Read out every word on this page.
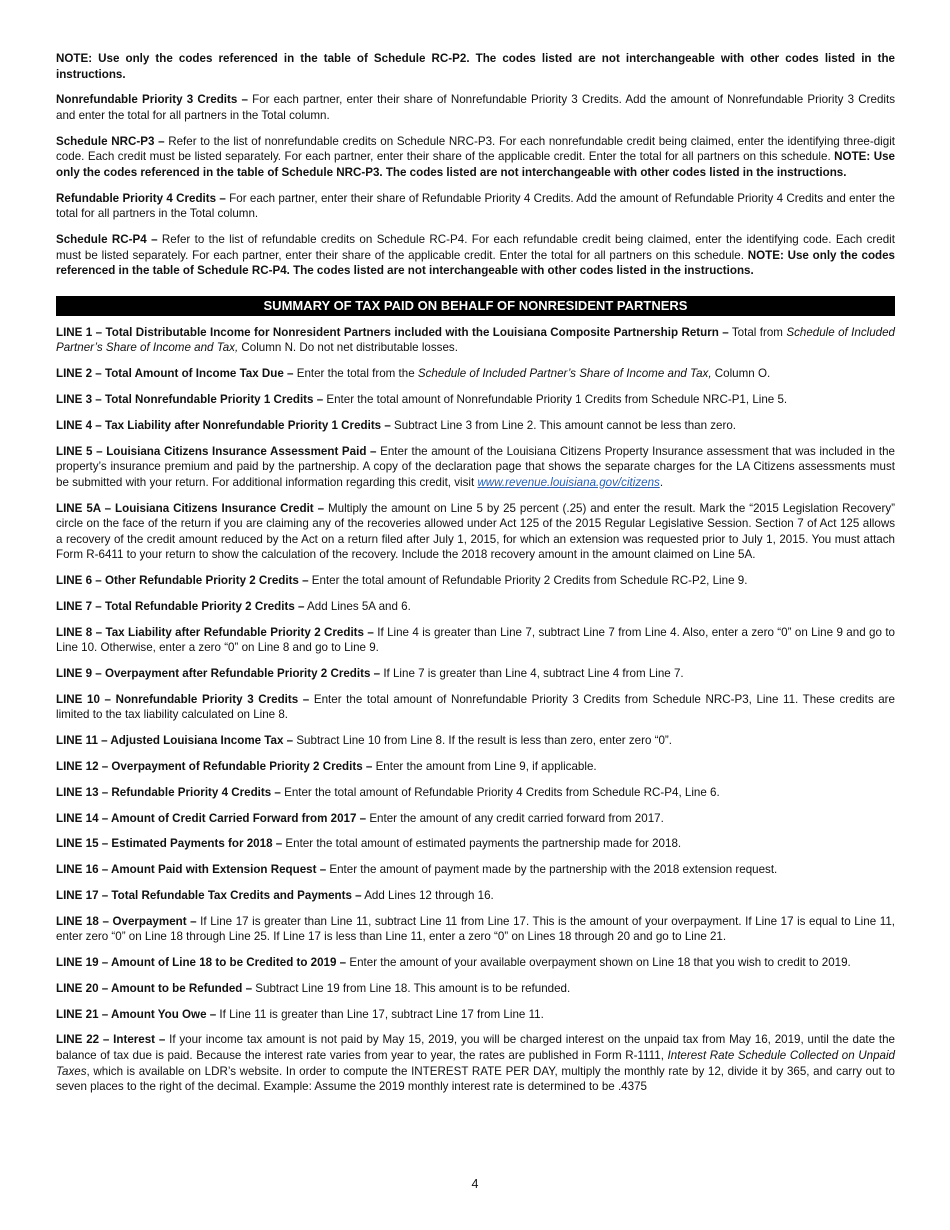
NOTE: Use only the codes referenced in the table of Schedule RC-P2. The codes listed are not interchangeable with other codes listed in the instructions.

Nonrefundable Priority 3 Credits – For each partner, enter their share of Nonrefundable Priority 3 Credits. Add the amount of Nonrefundable Priority 3 Credits and enter the total for all partners in the Total column.

Schedule NRC-P3 – Refer to the list of nonrefundable credits on Schedule NRC-P3. For each nonrefundable credit being claimed, enter the identifying three-digit code. Each credit must be listed separately. For each partner, enter their share of the applicable credit. Enter the total for all partners on this schedule. NOTE: Use only the codes referenced in the table of Schedule NRC-P3. The codes listed are not interchangeable with other codes listed in the instructions.

Refundable Priority 4 Credits – For each partner, enter their share of Refundable Priority 4 Credits. Add the amount of Refundable Priority 4 Credits and enter the total for all partners in the Total column.

Schedule RC-P4 – Refer to the list of refundable credits on Schedule RC-P4. For each refundable credit being claimed, enter the identifying code. Each credit must be listed separately. For each partner, enter their share of the applicable credit. Enter the total for all partners on this schedule. NOTE: Use only the codes referenced in the table of Schedule RC-P4. The codes listed are not interchangeable with other codes listed in the instructions.

SUMMARY OF TAX PAID ON BEHALF OF NONRESIDENT PARTNERS

LINE 1 – Total Distributable Income for Nonresident Partners included with the Louisiana Composite Partnership Return – Total from Schedule of Included Partner’s Share of Income and Tax, Column N. Do not net distributable losses.

LINE 2 – Total Amount of Income Tax Due – Enter the total from the Schedule of Included Partner’s Share of Income and Tax, Column O.

LINE 3 – Total Nonrefundable Priority 1 Credits – Enter the total amount of Nonrefundable Priority 1 Credits from Schedule NRC-P1, Line 5.

LINE 4 – Tax Liability after Nonrefundable Priority 1 Credits – Subtract Line 3 from Line 2. This amount cannot be less than zero.

LINE 5 – Louisiana Citizens Insurance Assessment Paid – Enter the amount of the Louisiana Citizens Property Insurance assessment that was included in the property’s insurance premium and paid by the partnership. A copy of the declaration page that shows the separate charges for the LA Citizens assessments must be submitted with your return. For additional information regarding this credit, visit www.revenue.louisiana.gov/citizens.

LINE 5A – Louisiana Citizens Insurance Credit – Multiply the amount on Line 5 by 25 percent (.25) and enter the result. Mark the “2015 Legislation Recovery” circle on the face of the return if you are claiming any of the recoveries allowed under Act 125 of the 2015 Regular Legislative Session. Section 7 of Act 125 allows a recovery of the credit amount reduced by the Act on a return filed after July 1, 2015, for which an extension was requested prior to July 1, 2015. You must attach Form R-6411 to your return to show the calculation of the recovery. Include the 2018 recovery amount in the amount claimed on Line 5A.

LINE 6 – Other Refundable Priority 2 Credits – Enter the total amount of Refundable Priority 2 Credits from Schedule RC-P2, Line 9.

LINE 7 – Total Refundable Priority 2 Credits – Add Lines 5A and 6.

LINE 8 – Tax Liability after Refundable Priority 2 Credits – If Line 4 is greater than Line 7, subtract Line 7 from Line 4. Also, enter a zero “0” on Line 9 and go to Line 10. Otherwise, enter a zero “0” on Line 8 and go to Line 9.

LINE 9 – Overpayment after Refundable Priority 2 Credits – If Line 7 is greater than Line 4, subtract Line 4 from Line 7.

LINE 10 – Nonrefundable Priority 3 Credits – Enter the total amount of Nonrefundable Priority 3 Credits from Schedule NRC-P3, Line 11. These credits are limited to the tax liability calculated on Line 8.

LINE 11 – Adjusted Louisiana Income Tax – Subtract Line 10 from Line 8. If the result is less than zero, enter zero “0”.

LINE 12 – Overpayment of Refundable Priority 2 Credits – Enter the amount from Line 9, if applicable.

LINE 13 – Refundable Priority 4 Credits – Enter the total amount of Refundable Priority 4 Credits from Schedule RC-P4, Line 6.

LINE 14 – Amount of Credit Carried Forward from 2017 – Enter the amount of any credit carried forward from 2017.

LINE 15 – Estimated Payments for 2018 – Enter the total amount of estimated payments the partnership made for 2018.

LINE 16 – Amount Paid with Extension Request – Enter the amount of payment made by the partnership with the 2018 extension request.

LINE 17 – Total Refundable Tax Credits and Payments – Add Lines 12 through 16.

LINE 18 – Overpayment – If Line 17 is greater than Line 11, subtract Line 11 from Line 17. This is the amount of your overpayment. If Line 17 is equal to Line 11, enter zero “0” on Line 18 through Line 25. If Line 17 is less than Line 11, enter a zero “0” on Lines 18 through 20 and go to Line 21.

LINE 19 – Amount of Line 18 to be Credited to 2019 – Enter the amount of your available overpayment shown on Line 18 that you wish to credit to 2019.

LINE 20 – Amount to be Refunded – Subtract Line 19 from Line 18. This amount is to be refunded.

LINE 21 – Amount You Owe – If Line 11 is greater than Line 17, subtract Line 17 from Line 11.

LINE 22 – Interest – If your income tax amount is not paid by May 15, 2019, you will be charged interest on the unpaid tax from May 16, 2019, until the date the balance of tax due is paid. Because the interest rate varies from year to year, the rates are published in Form R-1111, Interest Rate Schedule Collected on Unpaid Taxes, which is available on LDR’s website. In order to compute the INTEREST RATE PER DAY, multiply the monthly rate by 12, divide it by 365, and carry out to seven places to the right of the decimal. Example: Assume the 2019 monthly interest rate is determined to be .4375

4
